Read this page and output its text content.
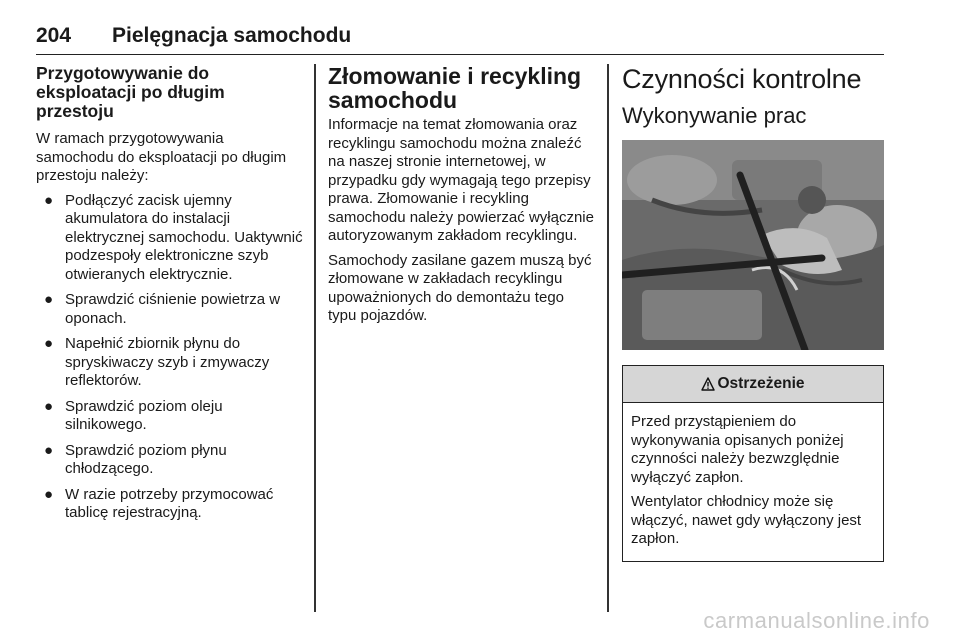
204 Pielęgnacja samochodu
Przygotowywanie do eksploatacji po długim przestoju

W ramach przygotowywania samochodu do eksploatacji po długim przestoju należy:

● Podłączyć zacisk ujemny akumulatora do instalacji elektrycznej samochodu. Uaktywnić podzespoły elektroniczne szyb otwieranych elektrycznie.
● Sprawdzić ciśnienie powietrza w oponach.
● Napełnić zbiornik płynu do spryskiwaczy szyb i zmywaczy reflektorów.
● Sprawdzić poziom oleju silnikowego.
● Sprawdzić poziom płynu chłodzącego.
● W razie potrzeby przymocować tablicę rejestracyjną.
Złomowanie i recykling samochodu

Informacje na temat złomowania oraz recyklingu samochodu można znaleźć na naszej stronie internetowej, w przypadku gdy wymagają tego przepisy prawa. Złomowanie i recykling samochodu należy powierzać wyłącznie autoryzowanym zakładom recyklingu.

Samochody zasilane gazem muszą być złomowane w zakładach recyklingu upoważnionych do demontażu tego typu pojazdów.

Czynności kontrolne
Wykonywanie prac
Ostrzeżenie

Przed przystąpieniem do wykonywania opisanych poniżej czynności należy bezwzględnie wyłączyć zapłon.

Wentylator chłodnicy może się włączyć, nawet gdy wyłączony jest zapłon.

carmanualsonline.info
